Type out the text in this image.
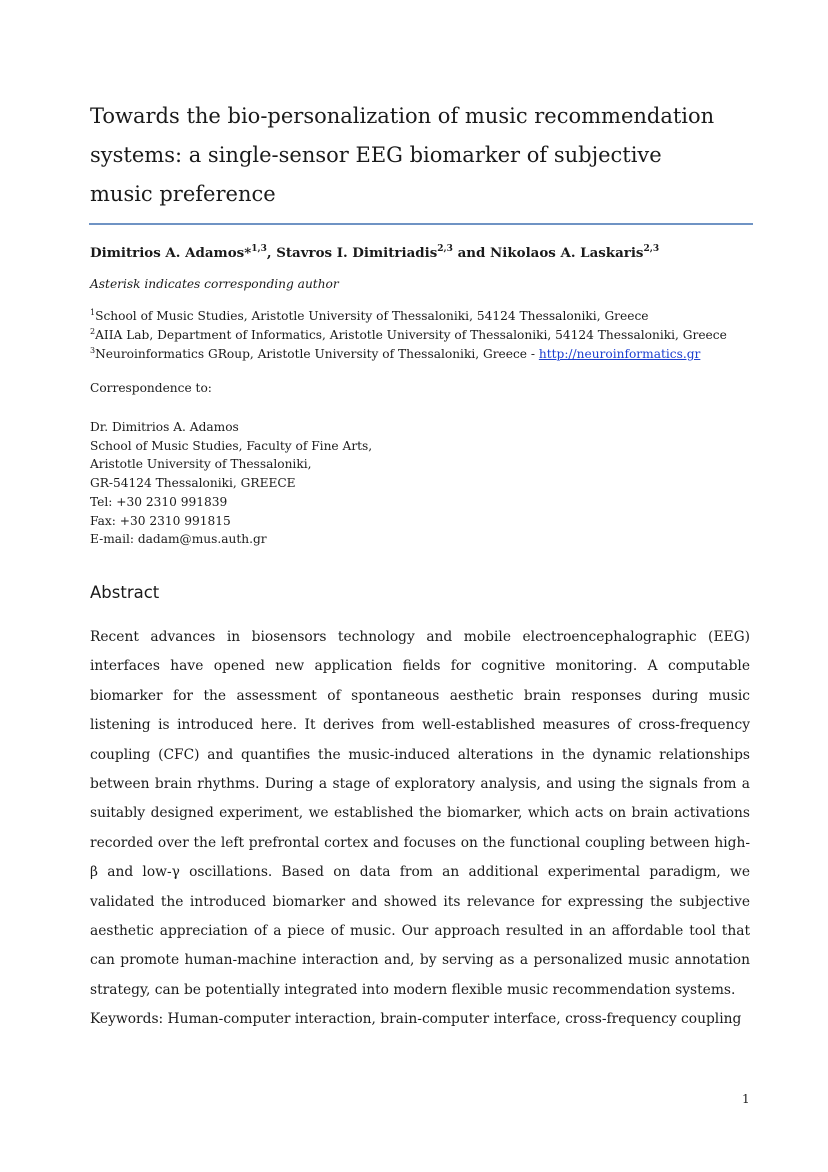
Towards the bio-personalization of music recommendation systems: a single-sensor EEG biomarker of subjective music preference
Dimitrios A. Adamos*$^{1,3}$, Stavros I. Dimitriadis$^{2,3}$ and Nikolaos A. Laskaris$^{2,3}$
Asterisk indicates corresponding author
$^1$School of Music Studies, Aristotle University of Thessaloniki, 54124 Thessaloniki, Greece
$^2$AIIA Lab, Department of Informatics, Aristotle University of Thessaloniki, 54124 Thessaloniki, Greece
$^3$Neuroinformatics GRoup, Aristotle University of Thessaloniki, Greece - http://neuroinformatics.gr
Correspondence to:
Dr. Dimitrios A. Adamos
School of Music Studies, Faculty of Fine Arts,
Aristotle University of Thessaloniki,
GR-54124 Thessaloniki, GREECE
Tel: +30 2310 991839
Fax: +30 2310 991815
E-mail: dadam@mus.auth.gr
Abstract

Recent advances in biosensors technology and mobile electroencephalographic (EEG) interfaces have opened new application fields for cognitive monitoring. A computable biomarker for the assessment of spontaneous aesthetic brain responses during music listening is introduced here. It derives from well-established measures of cross-frequency coupling (CFC) and quantifies the music-induced alterations in the dynamic relationships between brain rhythms. During a stage of exploratory analysis, and using the signals from a suitably designed experiment, we established the biomarker, which acts on brain activations recorded over the left prefrontal cortex and focuses on the functional coupling between high-β and low-γ oscillations. Based on data from an additional experimental paradigm, we validated the introduced biomarker and showed its relevance for expressing the subjective aesthetic appreciation of a piece of music. Our approach resulted in an affordable tool that can promote human-machine interaction and, by serving as a personalized music annotation strategy, can be potentially integrated into modern flexible music recommendation systems.

Keywords: Human-computer interaction, brain-computer interface, cross-frequency coupling

1
